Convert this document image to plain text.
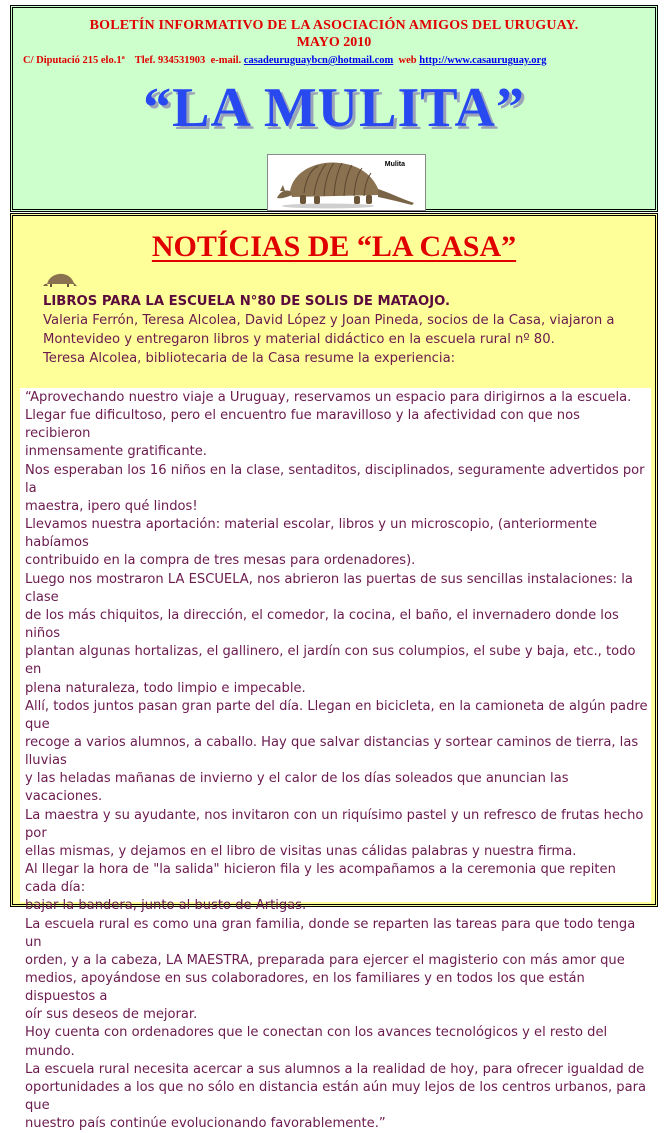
BOLETÍN INFORMATIVO DE LA ASOCIACIÓN AMIGOS DEL URUGUAY.
MAYO 2010
C/ Diputació 215 elo.1ª Tlef. 934531903 e-mail. casadeuruguaybcn@hotmail.com web http://www.casauruguay.org
“LA MULITA”
Mulita
NOTÍCIAS DE “LA CASA”

LIBROS PARA LA ESCUELA N°80 DE SOLIS DE MATAOJO.

Valeria Ferrón, Teresa Alcolea, David López y Joan Pineda, socios de la Casa, viajaron a

Montevideo y entregaron libros y material didáctico en la escuela rural nº 80.

Teresa Alcolea, bibliotecaria de la Casa resume la experiencia:

“Aprovechando nuestro viaje a Uruguay, reservamos un espacio para dirigirnos a la escuela.

Llegar fue dificultoso, pero el encuentro fue maravilloso y la afectividad con que nos recibieron

inmensamente gratificante.

Nos esperaban los 16 niños en la clase, sentaditos, disciplinados, seguramente advertidos por la

maestra, ipero qué lindos!

Llevamos nuestra aportación: material escolar, libros y un microscopio, (anteriormente habíamos

contribuido en la compra de tres mesas para ordenadores).

Luego nos mostraron LA ESCUELA, nos abrieron las puertas de sus sencillas instalaciones: la clase

de los más chiquitos, la dirección, el comedor, la cocina, el baño, el invernadero donde los niños

plantan algunas hortalizas, el gallinero, el jardín con sus columpios, el sube y baja, etc., todo en

plena naturaleza, todo limpio e impecable.

Allí, todos juntos pasan gran parte del día. Llegan en bicicleta, en la camioneta de algún padre que

recoge a varios alumnos, a caballo. Hay que salvar distancias y sortear caminos de tierra, las lluvias

y las heladas mañanas de invierno y el calor de los días soleados que anuncian las vacaciones.

La maestra y su ayudante, nos invitaron con un riquísimo pastel y un refresco de frutas hecho por

ellas mismas, y dejamos en el libro de visitas unas cálidas palabras y nuestra firma.

Al llegar la hora de "la salida" hicieron fila y les acompañamos a la ceremonia que repiten cada día:

bajar la bandera, junto al busto de Artigas.

La escuela rural es como una gran familia, donde se reparten las tareas para que todo tenga un

orden, y a la cabeza, LA MAESTRA, preparada para ejercer el magisterio con más amor que

medios, apoyándose en sus colaboradores, en los familiares y en todos los que están dispuestos a

oír sus deseos de mejorar.

Hoy cuenta con ordenadores que le conectan con los avances tecnológicos y el resto del mundo.

La escuela rural necesita acercar a sus alumnos a la realidad de hoy, para ofrecer igualdad de

oportunidades a los que no sólo en distancia están aún muy lejos de los centros urbanos, para que

nuestro país continúe evolucionando favorablemente.”
